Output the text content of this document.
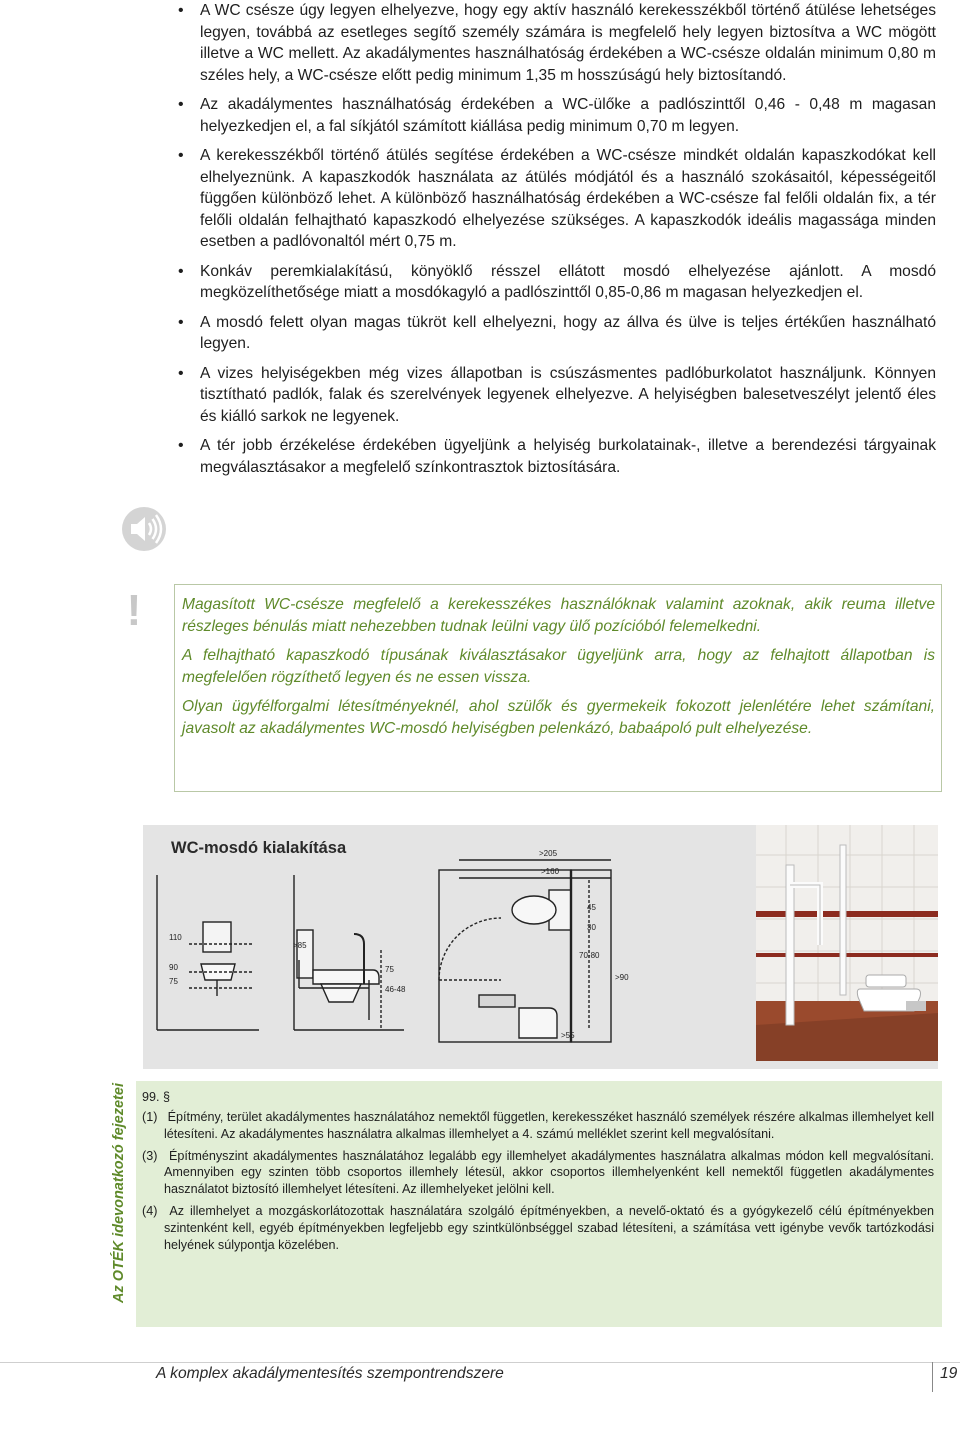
• A WC csésze úgy legyen elhelyezve, hogy egy aktív használó kerekesszékből történő átülése lehetséges legyen, továbbá az esetleges segítő személy számára is megfelelő hely legyen biztosítva a WC mögött illetve a WC mellett. Az akadálymentes használhatóság érdekében a WC-csésze oldalán minimum 0,80 m széles hely, a WC-csésze előtt pedig minimum 1,35 m hosszúságú hely biztosítandó.
• Az akadálymentes használhatóság érdekében a WC-ülőke a padlószinttől 0,46 - 0,48 m magasan helyezkedjen el, a fal síkjától számított kiállása pedig minimum 0,70 m legyen.
• A kerekesszékből történő átülés segítése érdekében a WC-csésze mindkét oldalán kapaszkodókat kell elhelyeznünk. A kapaszkodók használata az átülés módjától és a használó szokásaitól, képességeitől függően különböző lehet. A különböző használhatóság érdekében a WC-csésze fal felőli oldalán fix, a tér felőli oldalán felhajtható kapaszkodó elhelyezése szükséges. A kapaszkodók ideális magassága minden esetben a padlóvonaltól mért 0,75 m.
• Konkáv peremkialakítású, könyöklő résszel ellátott mosdó elhelyezése ajánlott. A mosdó megközelíthetősége miatt a mosdókagyló a padlószinttől 0,85-0,86 m magasan helyezkedjen el.
• A mosdó felett olyan magas tükröt kell elhelyezni, hogy az állva és ülve is teljes értékűen használható legyen.
• A vizes helyiségekben még vizes állapotban is csúszásmentes padlóburkolatot használjunk. Könnyen tisztítható padlók, falak és szerelvények legyenek elhelyezve. A helyiségben balesetveszélyt jelentő éles és kiálló sarkok ne legyenek.
• A tér jobb érzékelése érdekében ügyeljünk a helyiség burkolatainak-, illetve a berendezési tárgyainak megválasztásakor a megfelelő színkontrasztok biztosítására.
!	Magasított WC-csésze megfelelő a kerekesszékes használóknak valamint azoknak, akik reuma illetve részleges bénulás miatt nehezebben tudnak leülni vagy ülő pozícióból felemelkedni.

A felhajtható kapaszkodó típusának kiválasztásakor ügyeljünk arra, hogy az felhajtott állapotban is megfelelően rögzíthető legyen és ne essen vissza.

Olyan ügyfélforgalmi létesítményeknél, ahol szülők és gyermekeik fokozott jelenlétére lehet számítani, javasolt az akadálymentes WC-mosdó helyiségben pelenkázó, babaápoló pult elhelyezése.

110
90
75
>85
75
46-48
>205
>160
45
30
70-80
>90
>55
WC-mosdó kialakítása
Az OTÉK idevonatkozó fejezetei 99. §
(1) Építmény, terület akadálymentes használatához nemektől független, kerekesszéket használó személyek részére alkalmas illemhelyet kell létesíteni. Az akadálymentes használatra alkalmas illemhelyet a 4. számú melléklet szerint kell megvalósítani.
(3) Építményszint akadálymentes használatához legalább egy illemhelyet akadálymentes használatra alkalmas módon kell megvalósítani. Amennyiben egy szinten több csoportos illemhely létesül, akkor csoportos illemhelyenként kell nemektől független akadálymentes használatot biztosító illemhelyet létesíteni. Az illemhelyeket jelölni kell.
(4) Az illemhelyet a mozgáskorlátozottak használatára szolgáló építményekben, a nevelő-oktató és a gyógykezelő célú építményekben szintenként kell, egyéb építményekben legfeljebb egy szintkülönbséggel szabad létesíteni, a számítása vett igénybe vevők tartózkodási helyének súlypontja közelében.
A komplex akadálymentesítés szempontrendszere	19
